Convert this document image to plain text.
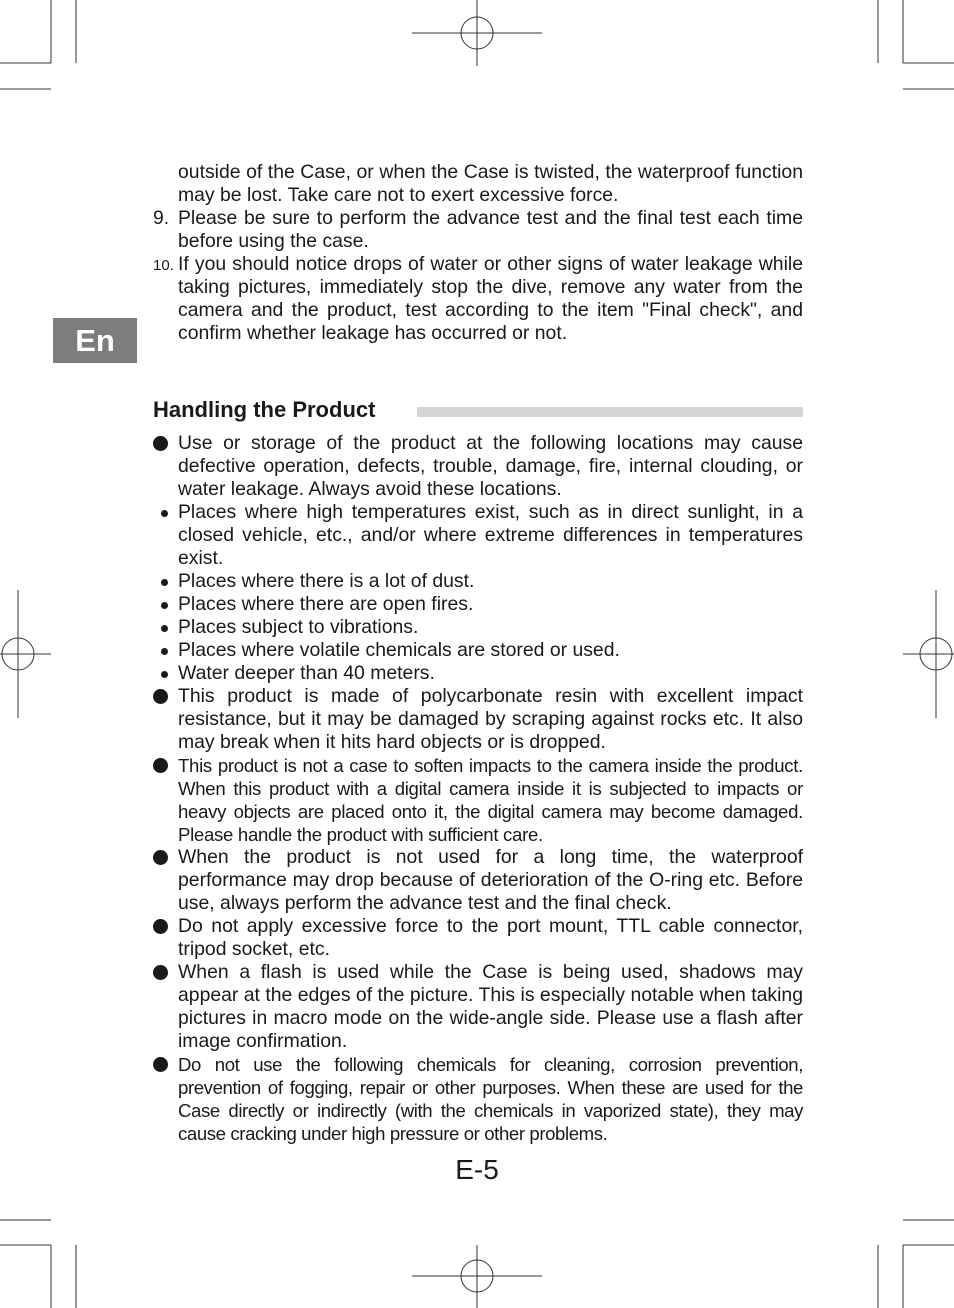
En
outside of the Case, or when the Case is twisted, the waterproof function may be lost. Take care not to exert excessive force.
9. Please be sure to perform the advance test and the final test each time before using the case.
10. If you should notice drops of water or other signs of water leakage while taking pictures, immediately stop the dive, remove any water from the camera and the product, test according to the item "Final check", and confirm whether leakage has occurred or not.
Handling the Product
Use or storage of the product at the following locations may cause defective operation, defects, trouble, damage, fire, internal clouding, or water leakage. Always avoid these locations.
Places where high temperatures exist, such as in direct sunlight, in a closed vehicle, etc., and/or where extreme differences in temperatures exist.
Places where there is a lot of dust.
Places where there are open fires.
Places subject to vibrations.
Places where volatile chemicals are stored or used.
Water deeper than 40 meters.
This product is made of polycarbonate resin with excellent impact resistance, but it may be damaged by scraping against rocks etc. It also may break when it hits hard objects or is dropped.
This product is not a case to soften impacts to the camera inside the product. When this product with a digital camera inside it is subjected to impacts or heavy objects are placed onto it, the digital camera may become damaged. Please handle the product with sufficient care.
When the product is not used for a long time, the waterproof performance may drop because of deterioration of the O-ring etc. Before use, always perform the advance test and the final check.
Do not apply excessive force to the port mount, TTL cable connector, tripod socket, etc.
When a flash is used while the Case is being used, shadows may appear at the edges of the picture. This is especially notable when taking pictures in macro mode on the wide-angle side. Please use a flash after image confirmation.
Do not use the following chemicals for cleaning, corrosion prevention, prevention of fogging, repair or other purposes. When these are used for the Case directly or indirectly (with the chemicals in vaporized state), they may cause cracking under high pressure or other problems.
E-5
